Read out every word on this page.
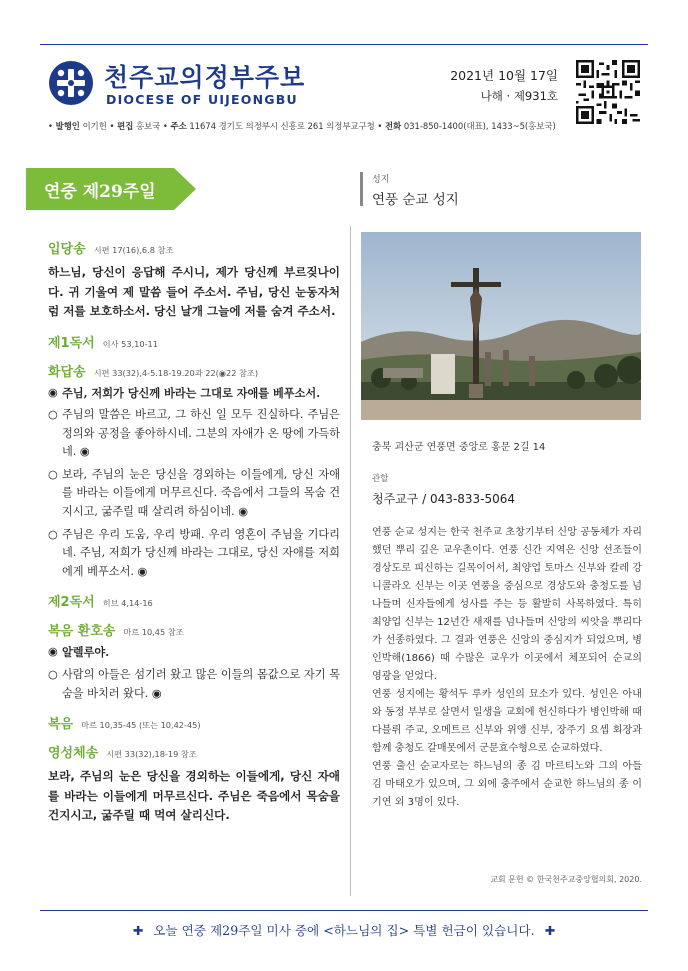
천주교의정부주보
DIOCESE OF UIJEONGBU
2021년 10월 17일
나해 · 제931호
• 발행인 이기헌 • 편집 홍보국 • 주소 11674 경기도 의정부시 신흥로 261 의정부교구청 • 전화 031-850-1400(대표), 1433~5(홍보국)
연중 제29주일
입당송 시편 17(16),6.8 참조
하느님, 당신이 응답해 주시니, 제가 당신께 부르짖나이다. 귀 기울여 제 말씀 들어 주소서. 주님, 당신 눈동자처럼 저를 보호하소서. 당신 날개 그늘에 저를 숨겨 주소서.
제1독서 이사 53,10-11
화답송 시편 33(32),4-5.18-19.20과 22(◉22 참조)
◉ 주님, 저희가 당신께 바라는 그대로 자애를 베푸소서.
○ 주님의 말씀은 바르고, 그 하신 일 모두 진실하다. 주님은 정의와 공정을 좋아하시네. 그분의 자애가 온 땅에 가득하네. ◉
○ 보라, 주님의 눈은 당신을 경외하는 이들에게, 당신 자애를 바라는 이들에게 머무르신다. 죽음에서 그들의 목숨 건지시고, 굶주릴 때 살리려 하심이네. ◉
○ 주님은 우리 도움, 우리 방패. 우리 영혼이 주님을 기다리네. 주님, 저희가 당신께 바라는 그대로, 당신 자애를 저희에게 베푸소서. ◉
제2독서 히브 4,14-16
복음 환호송 마르 10,45 참조
◉ 알렐루야.
○ 사람의 아들은 섬기러 왔고 많은 이들의 몸값으로 자기 목숨을 바치러 왔다. ◉
복음 마르 10,35-45 (또는 10,42-45)
영성체송 시편 33(32),18-19 참조
보라, 주님의 눈은 당신을 경외하는 이들에게, 당신 자애를 바라는 이들에게 머무르신다. 주님은 죽음에서 목숨을 건지시고, 굶주릴 때 먹여 살리신다.
성지
연풍 순교 성지
충북 괴산군 연풍면 중앙로 홍문 2길 14
관할
청주교구 / 043-833-5064

연풍 순교 성지는 한국 천주교 초창기부터 신앙 공동체가 자리했던 뿌리 깊은 교우촌이다. 연풍 신간 지역은 신앙 선조들이 경상도로 피신하는 길목이어서, 최양업 토마스 신부와 칼레 강 니콜라오 신부는 이곳 연풍을 중심으로 경상도와 충청도를 넘나들며 신자들에게 성사를 주는 등 활발히 사목하였다. 특히 최양업 신부는 12년간 새재를 넘나들며 신앙의 씨앗을 뿌리다가 선종하였다. 그 결과 연풍은 신앙의 중심지가 되었으며, 병인박해(1866) 때 수많은 교우가 이곳에서 체포되어 순교의 영광을 얻었다.

연풍 성지에는 황석두 루카 성인의 묘소가 있다. 성인은 아내와 동정 부부로 살면서 일생을 교회에 헌신하다가 병인박해 때 다블뤼 주교, 오메트르 신부와 위앵 신부, 장주기 요셉 회장과 함께 충청도 갈매못에서 군문효수형으로 순교하였다.

연풍 출신 순교자로는 하느님의 종 김 마르티노와 그의 아들 김 마태오가 있으며, 그 외에 충주에서 순교한 하느님의 종 이기연 외 3명이 있다.

교회 문헌 © 한국천주교중앙협의회, 2020.
✚ 오늘 연중 제29주일 미사 중에 <하느님의 집> 특별 헌금이 있습니다. ✚
